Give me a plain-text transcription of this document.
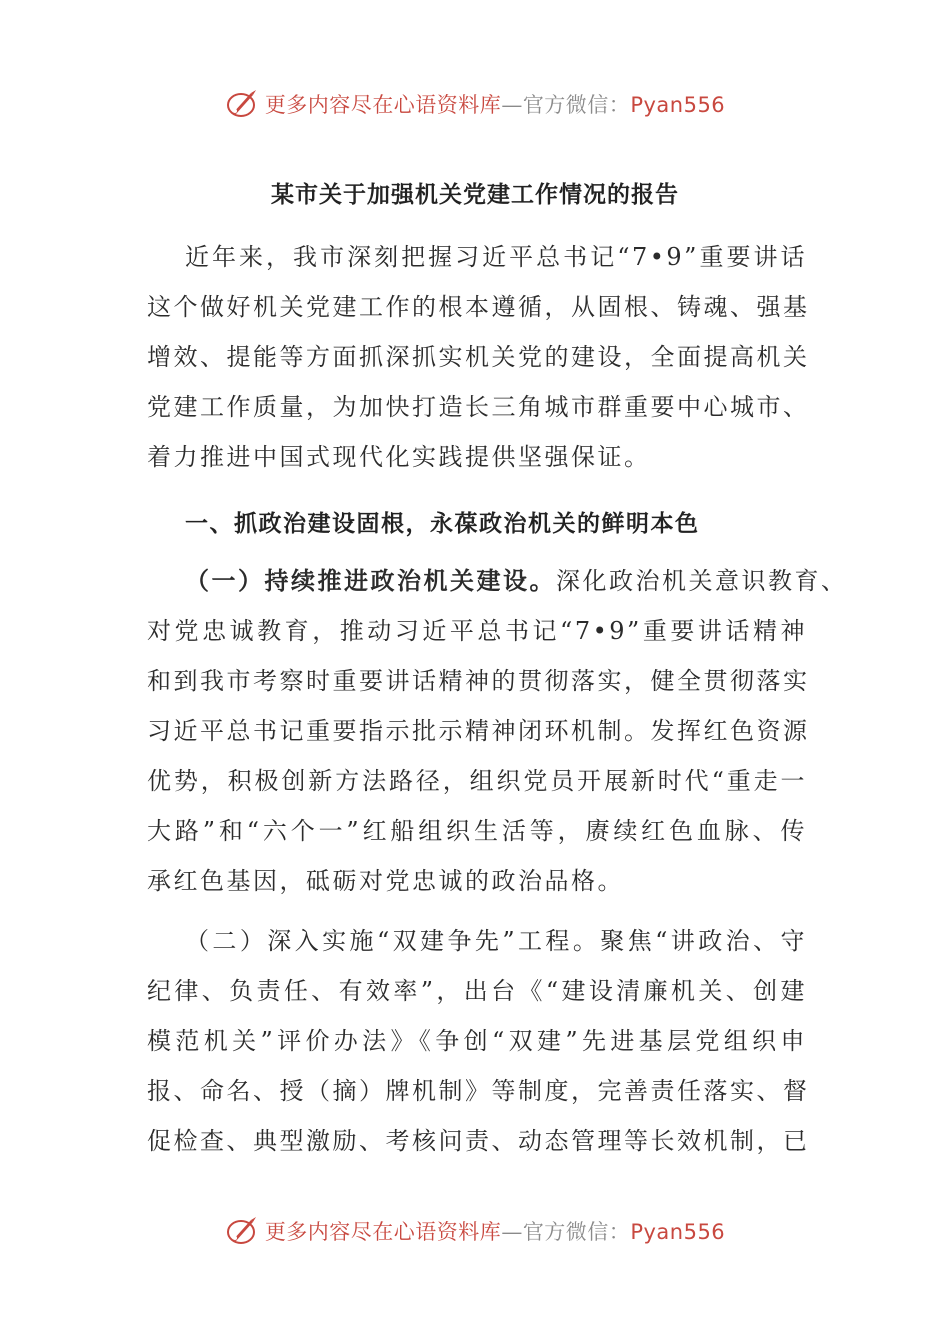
更多内容尽在心语资料库—官方微信：Pyan556
某市关于加强机关党建工作情况的报告
近年来，我市深刻把握习近平总书记“7•9”重要讲话
这个做好机关党建工作的根本遵循，从固根、铸魂、强基
增效、提能等方面抓深抓实机关党的建设，全面提高机关
党建工作质量，为加快打造长三角城市群重要中心城市、
着力推进中国式现代化实践提供坚强保证。
一、抓政治建设固根，永葆政治机关的鲜明本色
（一）持续推进政治机关建设。深化政治机关意识教育、
对党忠诚教育，推动习近平总书记“7•9”重要讲话精神
和到我市考察时重要讲话精神的贯彻落实，健全贯彻落实
习近平总书记重要指示批示精神闭环机制。发挥红色资源
优势，积极创新方法路径，组织党员开展新时代“重走一
大路”和“六个一”红船组织生活等，赓续红色血脉、传
承红色基因，砥砺对党忠诚的政治品格。
（二）深入实施“双建争先”工程。聚焦“讲政治、守
纪律、负责任、有效率”，出台《“建设清廉机关、创建
模范机关”评价办法》《争创“双建”先进基层党组织申
报、命名、授（摘）牌机制》等制度，完善责任落实、督
促检查、典型激励、考核问责、动态管理等长效机制，已
更多内容尽在心语资料库—官方微信：Pyan556
